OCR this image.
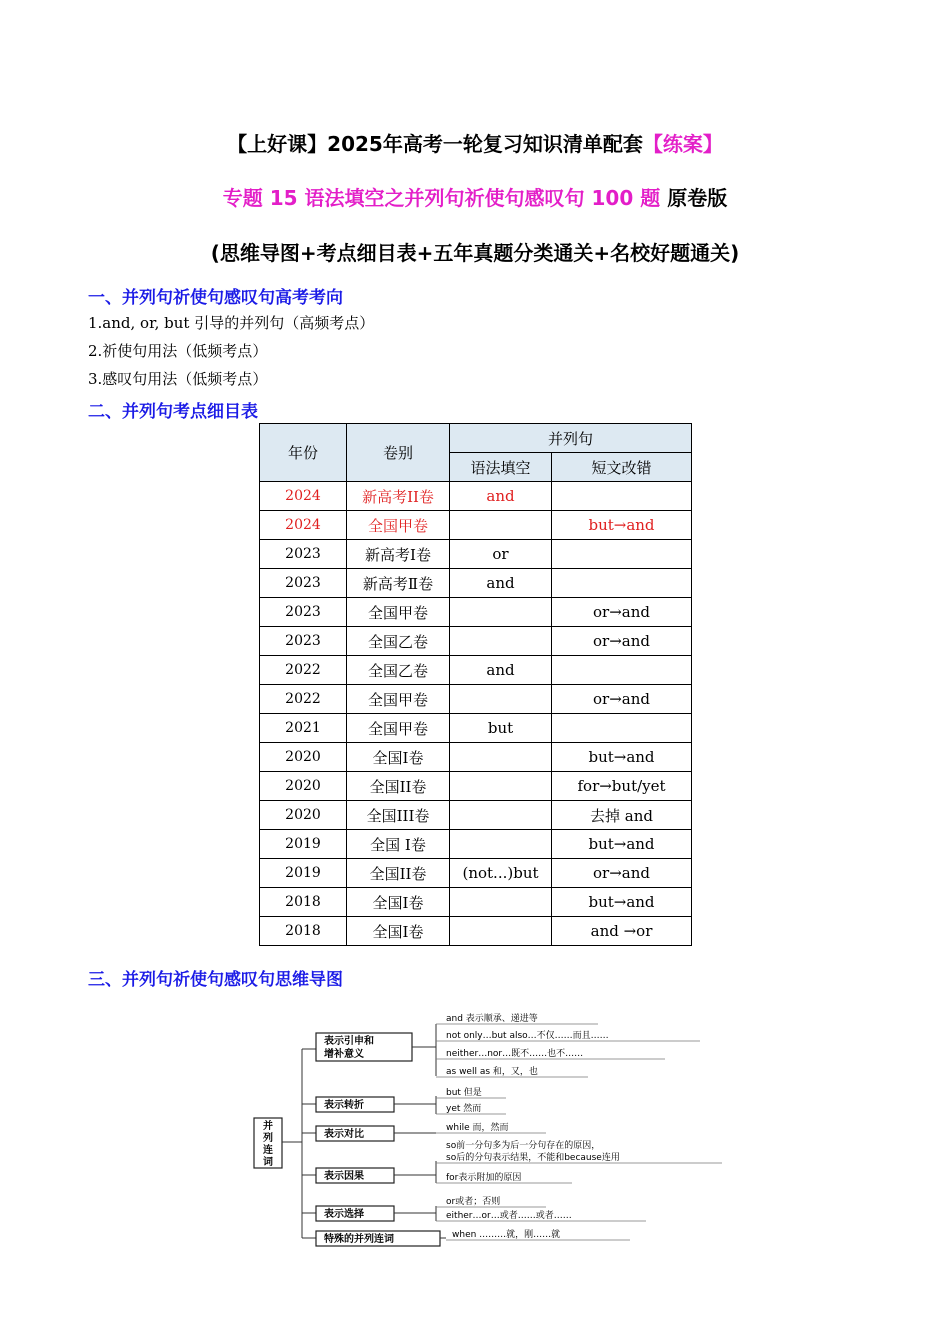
【上好课】2025年高考一轮复习知识清单配套【练案】
专题 15 语法填空之并列句祈使句感叹句 100 题 原卷版
(思维导图+考点细目表+五年真题分类通关+名校好题通关)
一、并列句祈使句感叹句高考考向
1.and, or, but 引导的并列句（高频考点）
2.祈使句用法（低频考点）
3.感叹句用法（低频考点）
二、并列句考点细目表
年份	卷别	并列句	
		语法填空	短文改错
2024	新高考II卷	and	
2024	全国甲卷		but→and
2023	新高考Ⅰ卷	or	
2023	新高考Ⅱ卷	and	
2023	全国甲卷		or→and
2023	全国乙卷		or→and
2022	全国乙卷	and	
2022	全国甲卷		or→and
2021	全国甲卷	but	
2020	全国Ⅰ卷		but→and
2020	全国II卷		for→but/yet
2020	全国III卷		去掉 and
2019	全国 Ⅰ卷		but→and
2019	全国II卷	(not...)but	or→and
2018	全国Ⅰ卷		but→and
2018	全国Ⅰ卷		and →or
三、并列句祈使句感叹句思维导图
并
列
连
词
并列连词
表示引申和
增补意义
and 表示顺承、递进等
not only…but also…不仅……而且……
neither…nor…既不……也不……
as well as 和，又，也
表示转折
but 但是
yet 然而
表示对比
while 而，然而
表示因果
so前一分句多为后一分句存在的原因，
so后的分句表示结果，不能和because连用
for表示附加的原因
表示选择
or或者；否则
either…or…或者……或者……
特殊的并列连词	when ………就，刚……就
